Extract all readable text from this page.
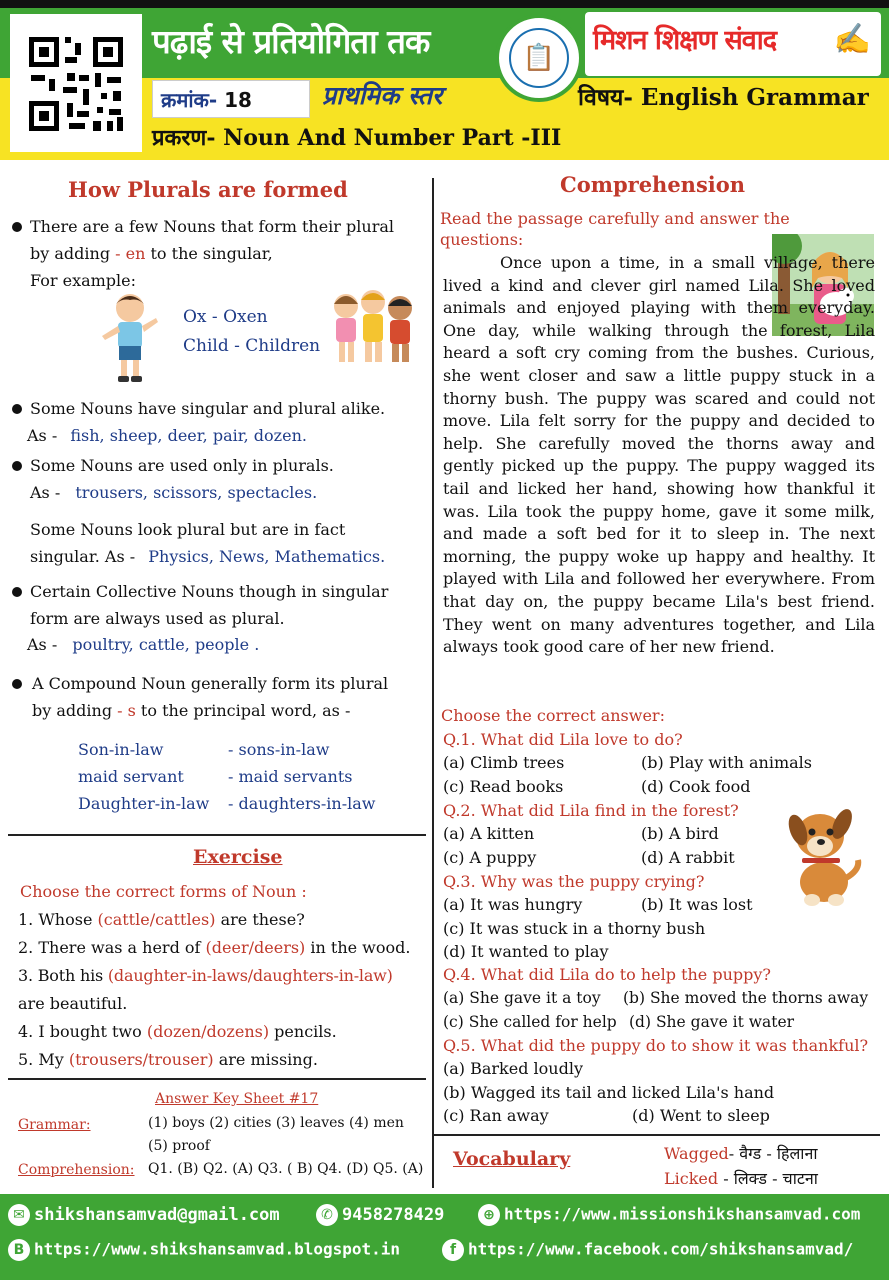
पढ़ाई से प्रतियोगिता तक	📋
मिशन शिक्षण संवाद ✍
क्रमांक- 18	प्राथमिक स्तर	विषय- English Grammar
प्रकरण- Noun And Number Part -III
How Plurals are formed
There are a few Nouns that form their plural
by adding - en to the singular,
For example:
Ox - Oxen
Child - Children
Some Nouns have singular and plural alike.
As - fish, sheep, deer, pair, dozen.
Some Nouns are used only in plurals.
As - trousers, scissors, spectacles.
Some Nouns look plural but are in fact
singular. As - Physics, News, Mathematics.
Certain Collective Nouns though in singular
form are always used as plural.
As - poultry, cattle, people .
A Compound Noun generally form its plural
by adding - s to the principal word, as -
Son-in-law	- sons-in-law
maid servant	- maid servants
Daughter-in-law - daughters-in-law
Exercise
Choose the correct forms of Noun :
1. Whose (cattle/cattles) are these?
2. There was a herd of (deer/deers) in the wood.
3. Both his (daughter-in-laws/daughters-in-law)
are beautiful.
4. I bought two (dozen/dozens) pencils.
5. My (trousers/trouser) are missing.
Answer Key Sheet #17
Grammar:	(1) boys (2) cities (3) leaves (4) men
(5) proof
Comprehension: Q1. (B) Q2. (A) Q3. ( B) Q4. (D) Q5. (A)
Comprehension
Read the passage carefully and answer the questions:
Once upon a time, in a small village, there lived a kind and clever girl named Lila. She loved animals and enjoyed playing with them everyday. One day, while walking through the forest, Lila heard a soft cry coming from the bushes. Curious, she went closer and saw a little puppy stuck in a thorny bush. The puppy was scared and could not move. Lila felt sorry for the puppy and decided to help. She carefully moved the thorns away and gently picked up the puppy. The puppy wagged its tail and licked her hand, showing how thankful it was. Lila took the puppy home, gave it some milk, and made a soft bed for it to sleep in. The next morning, the puppy woke up happy and healthy. It played with Lila and followed her everywhere. From that day on, the puppy became Lila's best friend. They went on many adventures together, and Lila always took good care of her new friend.
Choose the correct answer:
Q.1. What did Lila love to do?
(a) Climb trees	(b) Play with animals
(c) Read books	(d) Cook food
Q.2. What did Lila find in the forest?
(a) A kitten	(b) A bird
(c) A puppy	(d) A rabbit
Q.3. Why was the puppy crying?
(a) It was hungry	(b) It was lost
(c) It was stuck in a thorny bush
(d) It wanted to play
Q.4. What did Lila do to help the puppy?
(a) She gave it a toy (b) She moved the thorns away
(c) She called for help (d) She gave it water
Q.5. What did the puppy do to show it was thankful?
(a) Barked loudly
(b) Wagged its tail and licked Lila's hand
(c) Ran away	(d) Went to sleep
Vocabulary	Wagged- वैग्ड - हिलाना
Licked - लिक्ड - चाटना
✉ shikshansamvad@gmail.com	✆ 9458278429	⊕ https://www.missionshikshansamvad.com
B https://www.shikshansamvad.blogspot.in	f https://www.facebook.com/shikshansamvad/
